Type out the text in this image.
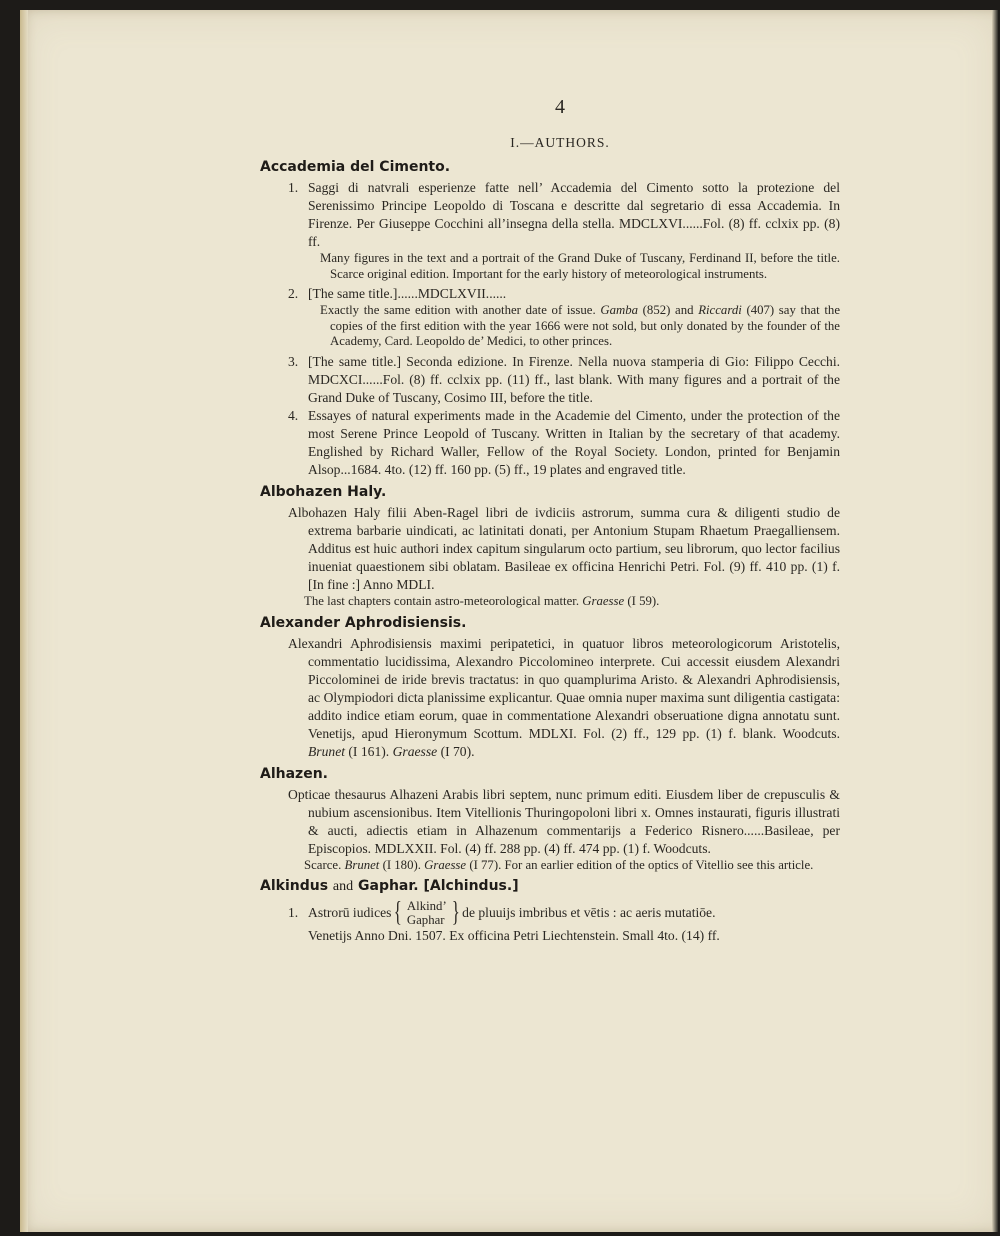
4
I.—AUTHORS.
Accademia del Cimento.
1. Saggi di natvrali esperienze fatte nell’ Accademia del Cimento sotto la protezione del Serenissimo Principe Leopoldo di Toscana e descritte dal segretario di essa Accademia. In Firenze. Per Giuseppe Cocchini all’insegna della stella. MDCLXVI......Fol. (8) ff. cclxix pp. (8) ff.
Many figures in the text and a portrait of the Grand Duke of Tuscany, Ferdinand II, before the title. Scarce original edition. Important for the early history of meteorological instruments.
2. [The same title.]......MDCLXVII......
Exactly the same edition with another date of issue. Gamba (852) and Riccardi (407) say that the copies of the first edition with the year 1666 were not sold, but only donated by the founder of the Academy, Card. Leopoldo de’ Medici, to other princes.
3. [The same title.] Seconda edizione. In Firenze. Nella nuova stamperia di Gio: Filippo Cecchi. MDCXCI......Fol. (8) ff. cclxix pp. (11) ff., last blank. With many figures and a portrait of the Grand Duke of Tuscany, Cosimo III, before the title.
4. Essayes of natural experiments made in the Academie del Cimento, under the protection of the most Serene Prince Leopold of Tuscany. Written in Italian by the secretary of that academy. Englished by Richard Waller, Fellow of the Royal Society. London, printed for Benjamin Alsop...1684. 4to. (12) ff. 160 pp. (5) ff., 19 plates and engraved title.
Albohazen Haly.
Albohazen Haly filii Aben-Ragel libri de ivdiciis astrorum, summa cura & diligenti studio de extrema barbarie uindicati, ac latinitati donati, per Antonium Stupam Rhaetum Praegalliensem. Additus est huic authori index capitum singularum octo partium, seu librorum, quo lector facilius inueniat quaestionem sibi oblatam. Basileae ex officina Henrichi Petri. Fol. (9) ff. 410 pp. (1) f. [In fine :] Anno MDLI.
The last chapters contain astro-meteorological matter. Graesse (I 59).
Alexander Aphrodisiensis.
Alexandri Aphrodisiensis maximi peripatetici, in quatuor libros meteorologicorum Aristotelis, commentatio lucidissima, Alexandro Piccolomineo interprete. Cui accessit eiusdem Alexandri Piccolominei de iride brevis tractatus: in quo quamplurima Aristo. & Alexandri Aphrodisiensis, ac Olympiodori dicta planissime explicantur. Quae omnia nuper maxima sunt diligentia castigata: addito indice etiam eorum, quae in commentatione Alexandri obseruatione digna annotatu sunt. Venetijs, apud Hieronymum Scottum. MDLXI. Fol. (2) ff., 129 pp. (1) f. blank. Woodcuts. Brunet (I 161). Graesse (I 70).
Alhazen.
Opticae thesaurus Alhazeni Arabis libri septem, nunc primum editi. Eiusdem liber de crepusculis & nubium ascensionibus. Item Vitellionis Thuringopoloni libri x. Omnes instaurati, figuris illustrati & aucti, adiectis etiam in Alhazenum commentarijs a Federico Risnero......Basileae, per Episcopios. MDLXXII. Fol. (4) ff. 288 pp. (4) ff. 474 pp. (1) f. Woodcuts.
Scarce. Brunet (I 180). Graesse (I 77). For an earlier edition of the optics of Vitellio see this article.
Alkindus and Gaphar. [Alchindus.]
1. Astrorū iudices { Alkind’
Gaphar } de pluuijs imbribus et vētis : ac aeris mutatiōe.
Venetijs Anno Dni. 1507. Ex officina Petri Liechtenstein. Small 4to. (14) ff.
